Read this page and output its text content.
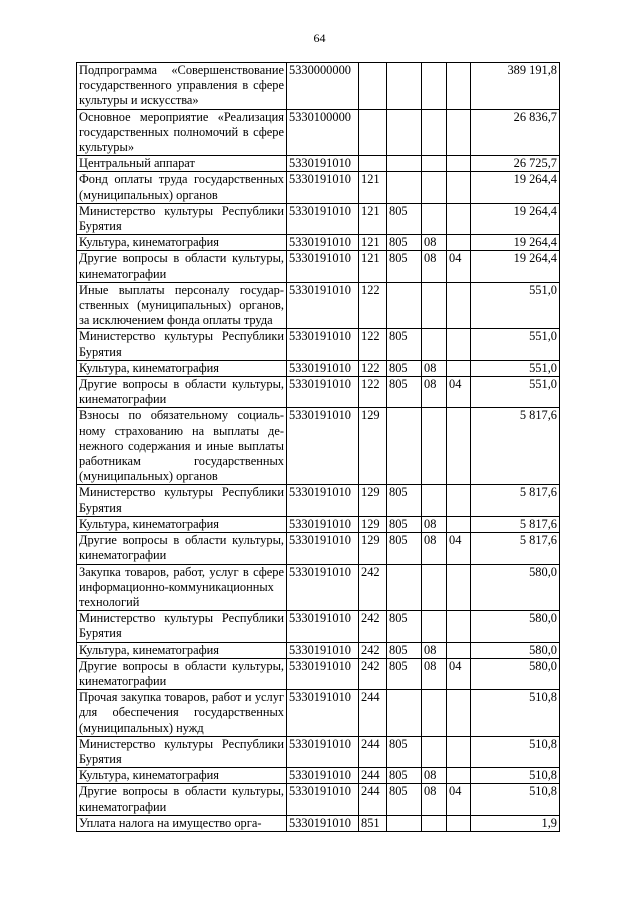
64
Подпрограмма «Совершенствование государственного управления в сфере культуры и искусства»	5330000000					389 191,8
Основное мероприятие «Реализация государственных полномочий в сфере культуры»	5330100000					26 836,7
Центральный аппарат	5330191010					26 725,7
Фонд оплаты труда государственных (муниципальных) органов	5330191010	121				19 264,4
Министерство культуры Республики Бурятия	5330191010	121	805			19 264,4
Культура, кинематография	5330191010	121	805	08		19 264,4
Другие вопросы в области культуры, кинематографии	5330191010	121	805	08	04	19 264,4
Иные выплаты персоналу государственных (муниципальных) органов, за исключением фонда оплаты труда	5330191010	122				551,0
Министерство культуры Республики Бурятия	5330191010	122	805			551,0
Культура, кинематография	5330191010	122	805	08		551,0
Другие вопросы в области культуры, кинематографии	5330191010	122	805	08	04	551,0
Взносы по обязательному социальному страхованию на выплаты денежного содержания и иные выплаты работникам государственных (муниципальных) органов	5330191010	129				5 817,6
Министерство культуры Республики Бурятия	5330191010	129	805			5 817,6
Культура, кинематография	5330191010	129	805	08		5 817,6
Другие вопросы в области культуры, кинематографии	5330191010	129	805	08	04	5 817,6
Закупка товаров, работ, услуг в сфере информационно-коммуникационных технологий	5330191010	242				580,0
Министерство культуры Республики Бурятия	5330191010	242	805			580,0
Культура, кинематография	5330191010	242	805	08		580,0
Другие вопросы в области культуры, кинематографии	5330191010	242	805	08	04	580,0
Прочая закупка товаров, работ и услуг для обеспечения государственных (муниципальных) нужд	5330191010	244				510,8
Министерство культуры Республики Бурятия	5330191010	244	805			510,8
Культура, кинематография	5330191010	244	805	08		510,8
Другие вопросы в области культуры, кинематографии	5330191010	244	805	08	04	510,8
Уплата налога на имущество орга-	5330191010	851				1,9
